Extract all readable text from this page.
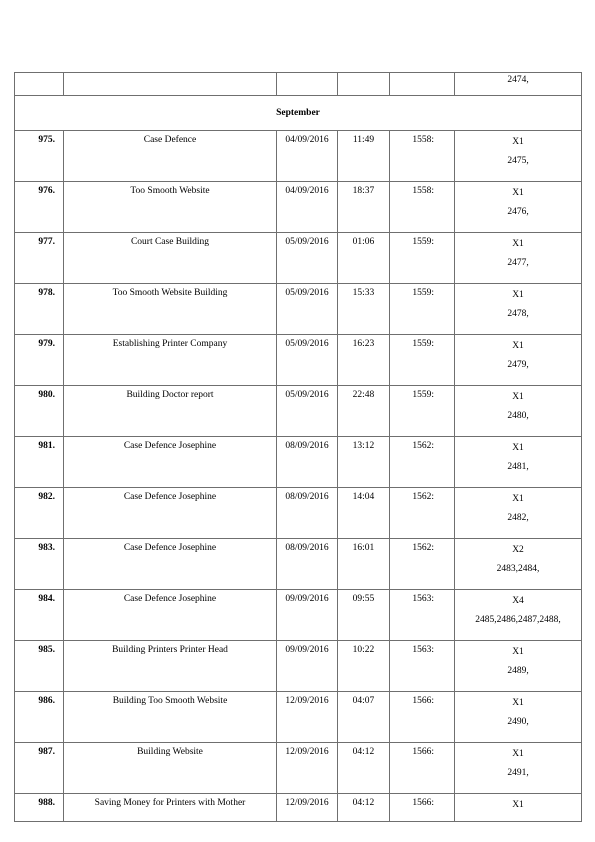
					2474,

September					
975.	Case Defence	04/09/2016	11:49	1558:	X1
2475,

976.	Too Smooth Website	04/09/2016	18:37	1558:	X1
2476,

977.	Court Case Building	05/09/2016	01:06	1559:	X1
2477,

978.	Too Smooth Website Building	05/09/2016	15:33	1559:	X1
2478,

979.	Establishing Printer Company	05/09/2016	16:23	1559:	X1
2479,

980.	Building Doctor report	05/09/2016	22:48	1559:	X1
2480,

981.	Case Defence Josephine	08/09/2016	13:12	1562:	X1
2481,

982.	Case Defence Josephine	08/09/2016	14:04	1562:	X1
2482,

983.	Case Defence Josephine	08/09/2016	16:01	1562:	X2
2483,2484,

984.	Case Defence Josephine	09/09/2016	09:55	1563:	X4
2485,2486,2487,2488,

985.	Building Printers Printer Head	09/09/2016	10:22	1563:	X1
2489,

986.	Building Too Smooth Website	12/09/2016	04:07	1566:	X1
2490,

987.	Building Website	12/09/2016	04:12	1566:	X1
2491,

988.	Saving Money for Printers with Mother	12/09/2016	04:12	1566:	X1
